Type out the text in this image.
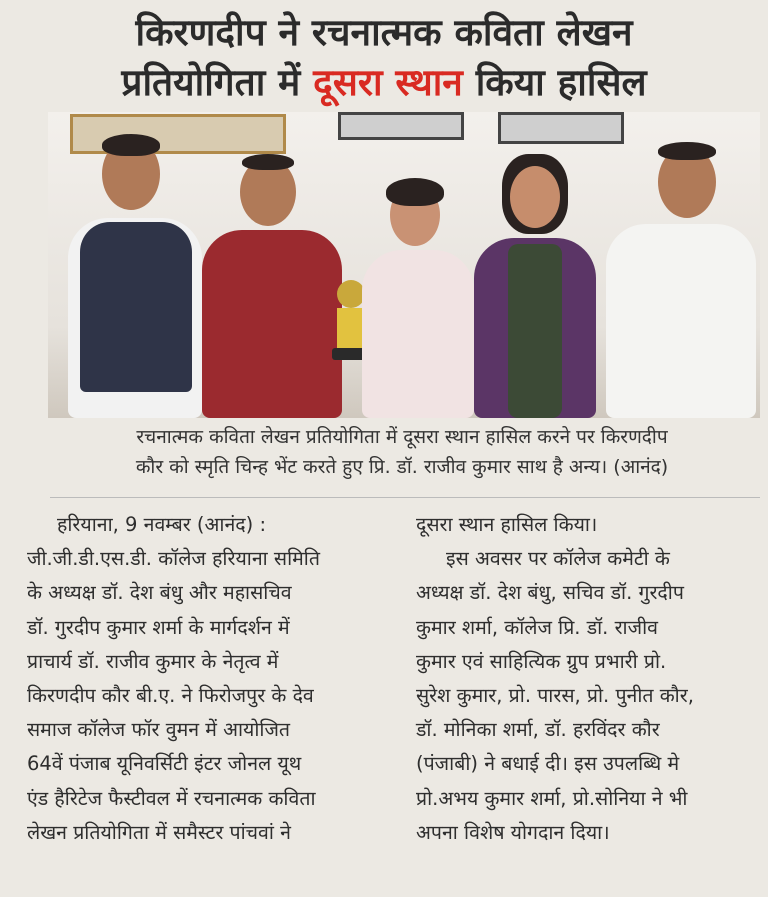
किरणदीप ने रचनात्मक कविता लेखन
प्रतियोगिता में दूसरा स्थान किया हासिल
रचनात्मक कविता लेखन प्रतियोगिता में दूसरा स्थान हासिल करने पर किरणदीप
कौर को स्मृति चिन्ह भेंट करते हुए प्रि. डॉ. राजीव कुमार साथ है अन्य। (आनंद)

हरियाना, 9 नवम्बर (आनंद) :

जी.जी.डी.एस.डी. कॉलेज हरियाना समिति

के अध्यक्ष डॉ. देश बंधु और महासचिव

डॉ. गुरदीप कुमार शर्मा के मार्गदर्शन में

प्राचार्य डॉ. राजीव कुमार के नेतृत्व में

किरणदीप कौर बी.ए. ने फिरोजपुर के देव

समाज कॉलेज फॉर वुमन में आयोजित

64वें पंजाब यूनिवर्सिटी इंटर जोनल यूथ

एंड हैरिटेज फैस्टीवल में रचनात्मक कविता

लेखन प्रतियोगिता में समैस्टर पांचवां ने

दूसरा स्थान हासिल किया।

इस अवसर पर कॉलेज कमेटी के

अध्यक्ष डॉ. देश बंधु, सचिव डॉ. गुरदीप

कुमार शर्मा, कॉलेज प्रि. डॉ. राजीव

कुमार एवं साहित्यिक ग्रुप प्रभारी प्रो.

सुरेश कुमार, प्रो. पारस, प्रो. पुनीत कौर,

डॉ. मोनिका शर्मा, डॉ. हरविंदर कौर

(पंजाबी) ने बधाई दी। इस उपलब्धि मे

प्रो.अभय कुमार शर्मा, प्रो.सोनिया ने भी

अपना विशेष योगदान दिया।
